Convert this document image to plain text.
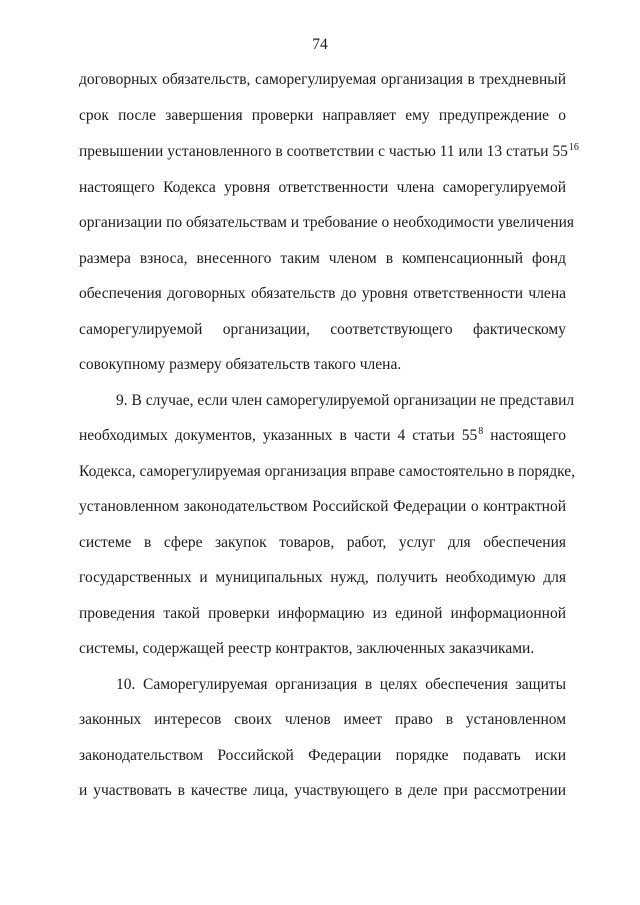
74
договорных обязательств, саморегулируемая организация в трехдневный
срок после завершения проверки направляет ему предупреждение о
превышении установленного в соответствии с частью 11 или 13 статьи $55^{16}$
настоящего Кодекса уровня ответственности члена саморегулируемой
организации по обязательствам и требование о необходимости увеличения
размера взноса, внесенного таким членом в компенсационный фонд
обеспечения договорных обязательств до уровня ответственности члена
саморегулируемой организации, соответствующего фактическому
совокупному размеру обязательств такого члена.
9. В случае, если член саморегулируемой организации не представил
необходимых документов, указанных в части 4 статьи $55^8$ настоящего
Кодекса, саморегулируемая организация вправе самостоятельно в порядке,
установленном законодательством Российской Федерации о контрактной
системе в сфере закупок товаров, работ, услуг для обеспечения
государственных и муниципальных нужд, получить необходимую для
проведения такой проверки информацию из единой информационной
системы, содержащей реестр контрактов, заключенных заказчиками.
10. Саморегулируемая организация в целях обеспечения защиты
законных интересов своих членов имеет право в установленном
законодательством Российской Федерации порядке подавать иски
и участвовать в качестве лица, участвующего в деле при рассмотрении
